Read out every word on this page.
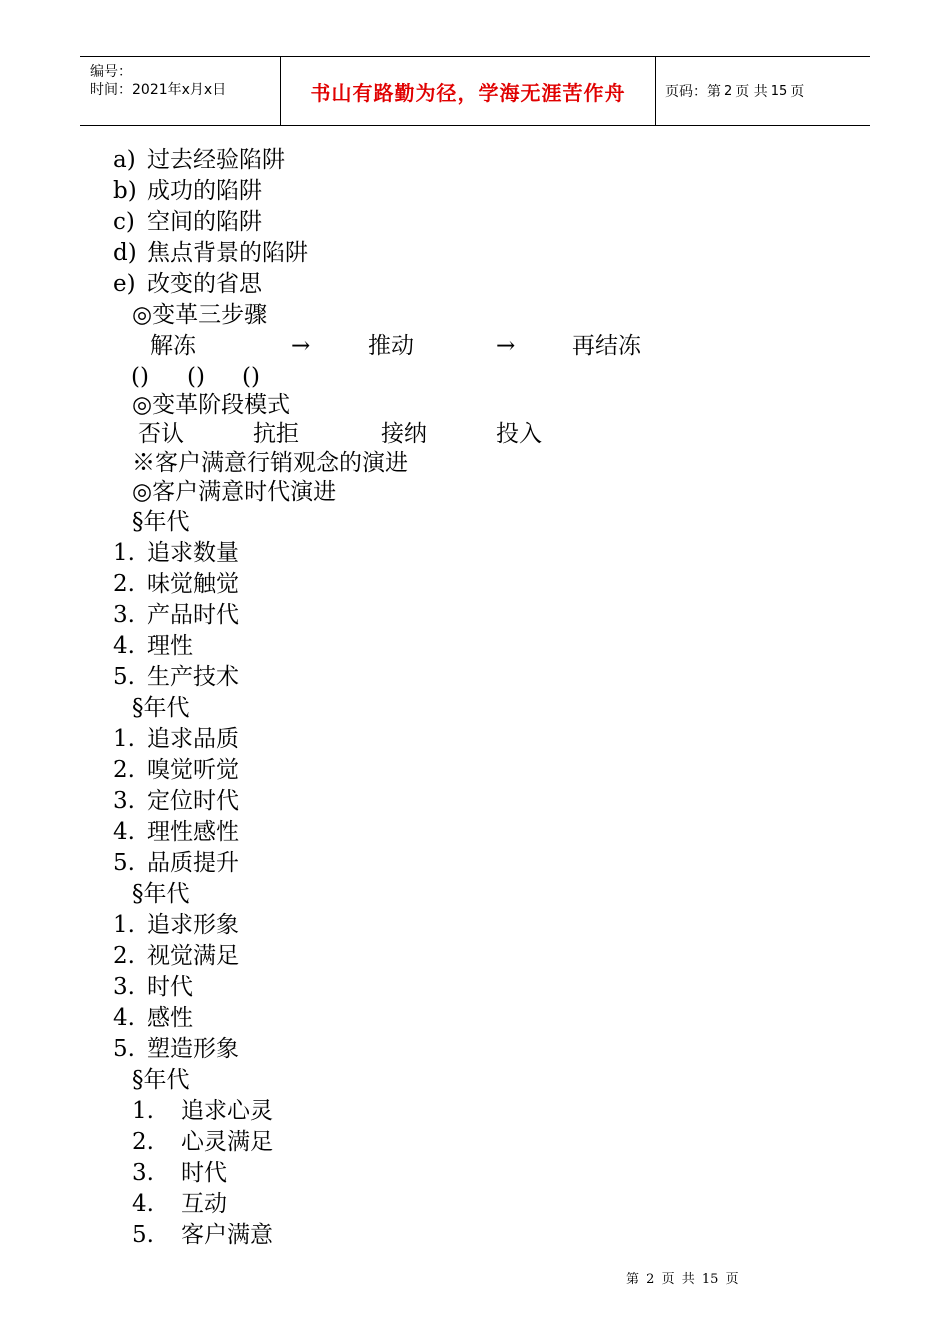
编号：
时间：2021年x月x日	书山有路勤为径，学海无涯苦作舟	页码：第 2 页 共 15 页
a) 过去经验陷阱
b) 成功的陷阱
c) 空间的陷阱
d) 焦点背景的陷阱
e) 改变的省思
◎变革三步骤
解冻	→	推动	→ 再结冻
() () ()
◎变革阶段模式
否认	抗拒	接纳	投入
※客户满意行销观念的演进
◎客户满意时代演进
§年代
1. 追求数量
2. 味觉触觉
3. 产品时代
4. 理性
5. 生产技术
§年代
1. 追求品质
2. 嗅觉听觉
3. 定位时代
4. 理性感性
5. 品质提升
§年代
1. 追求形象
2. 视觉满足
3. 时代
4. 感性
5. 塑造形象
§年代
1. 追求心灵
2. 心灵满足
3. 时代
4. 互动
5. 客户满意
第 2 页 共 15 页
